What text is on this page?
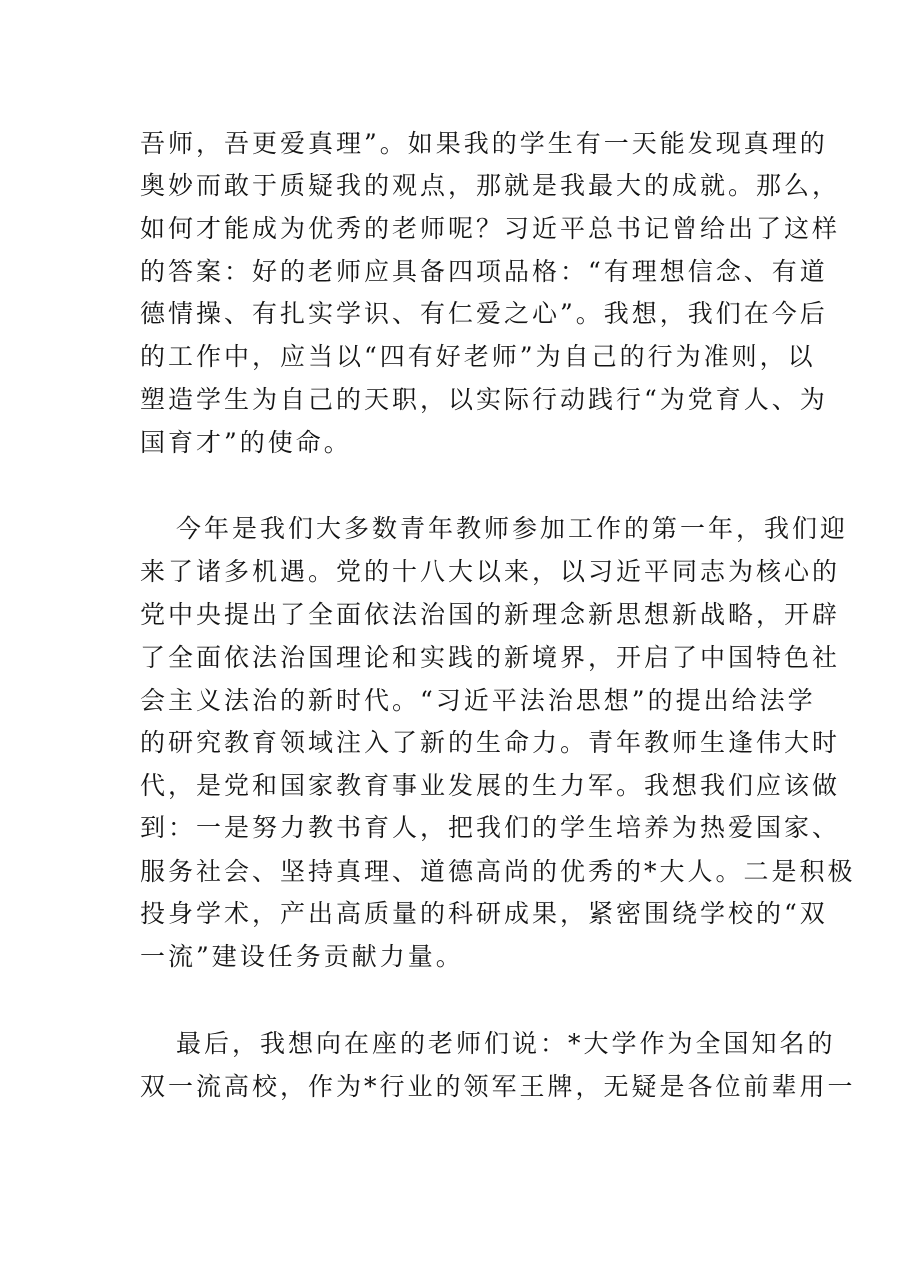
吾师，吾更爱真理”。如果我的学生有一天能发现真理的
奥妙而敢于质疑我的观点，那就是我最大的成就。那么，
如何才能成为优秀的老师呢？习近平总书记曾给出了这样
的答案：好的老师应具备四项品格：“有理想信念、有道
德情操、有扎实学识、有仁爱之心”。我想，我们在今后
的工作中，应当以“四有好老师”为自己的行为准则，以
塑造学生为自己的天职，以实际行动践行“为党育人、为
国育才”的使命。
今年是我们大多数青年教师参加工作的第一年，我们迎
来了诸多机遇。党的十八大以来，以习近平同志为核心的
党中央提出了全面依法治国的新理念新思想新战略，开辟
了全面依法治国理论和实践的新境界，开启了中国特色社
会主义法治的新时代。“习近平法治思想”的提出给法学
的研究教育领域注入了新的生命力。青年教师生逢伟大时
代，是党和国家教育事业发展的生力军。我想我们应该做
到：一是努力教书育人，把我们的学生培养为热爱国家、
服务社会、坚持真理、道德高尚的优秀的*大人。二是积极
投身学术，产出高质量的科研成果，紧密围绕学校的“双
一流”建设任务贡献力量。
最后，我想向在座的老师们说：*大学作为全国知名的
双一流高校，作为*行业的领军王牌，无疑是各位前辈用一
